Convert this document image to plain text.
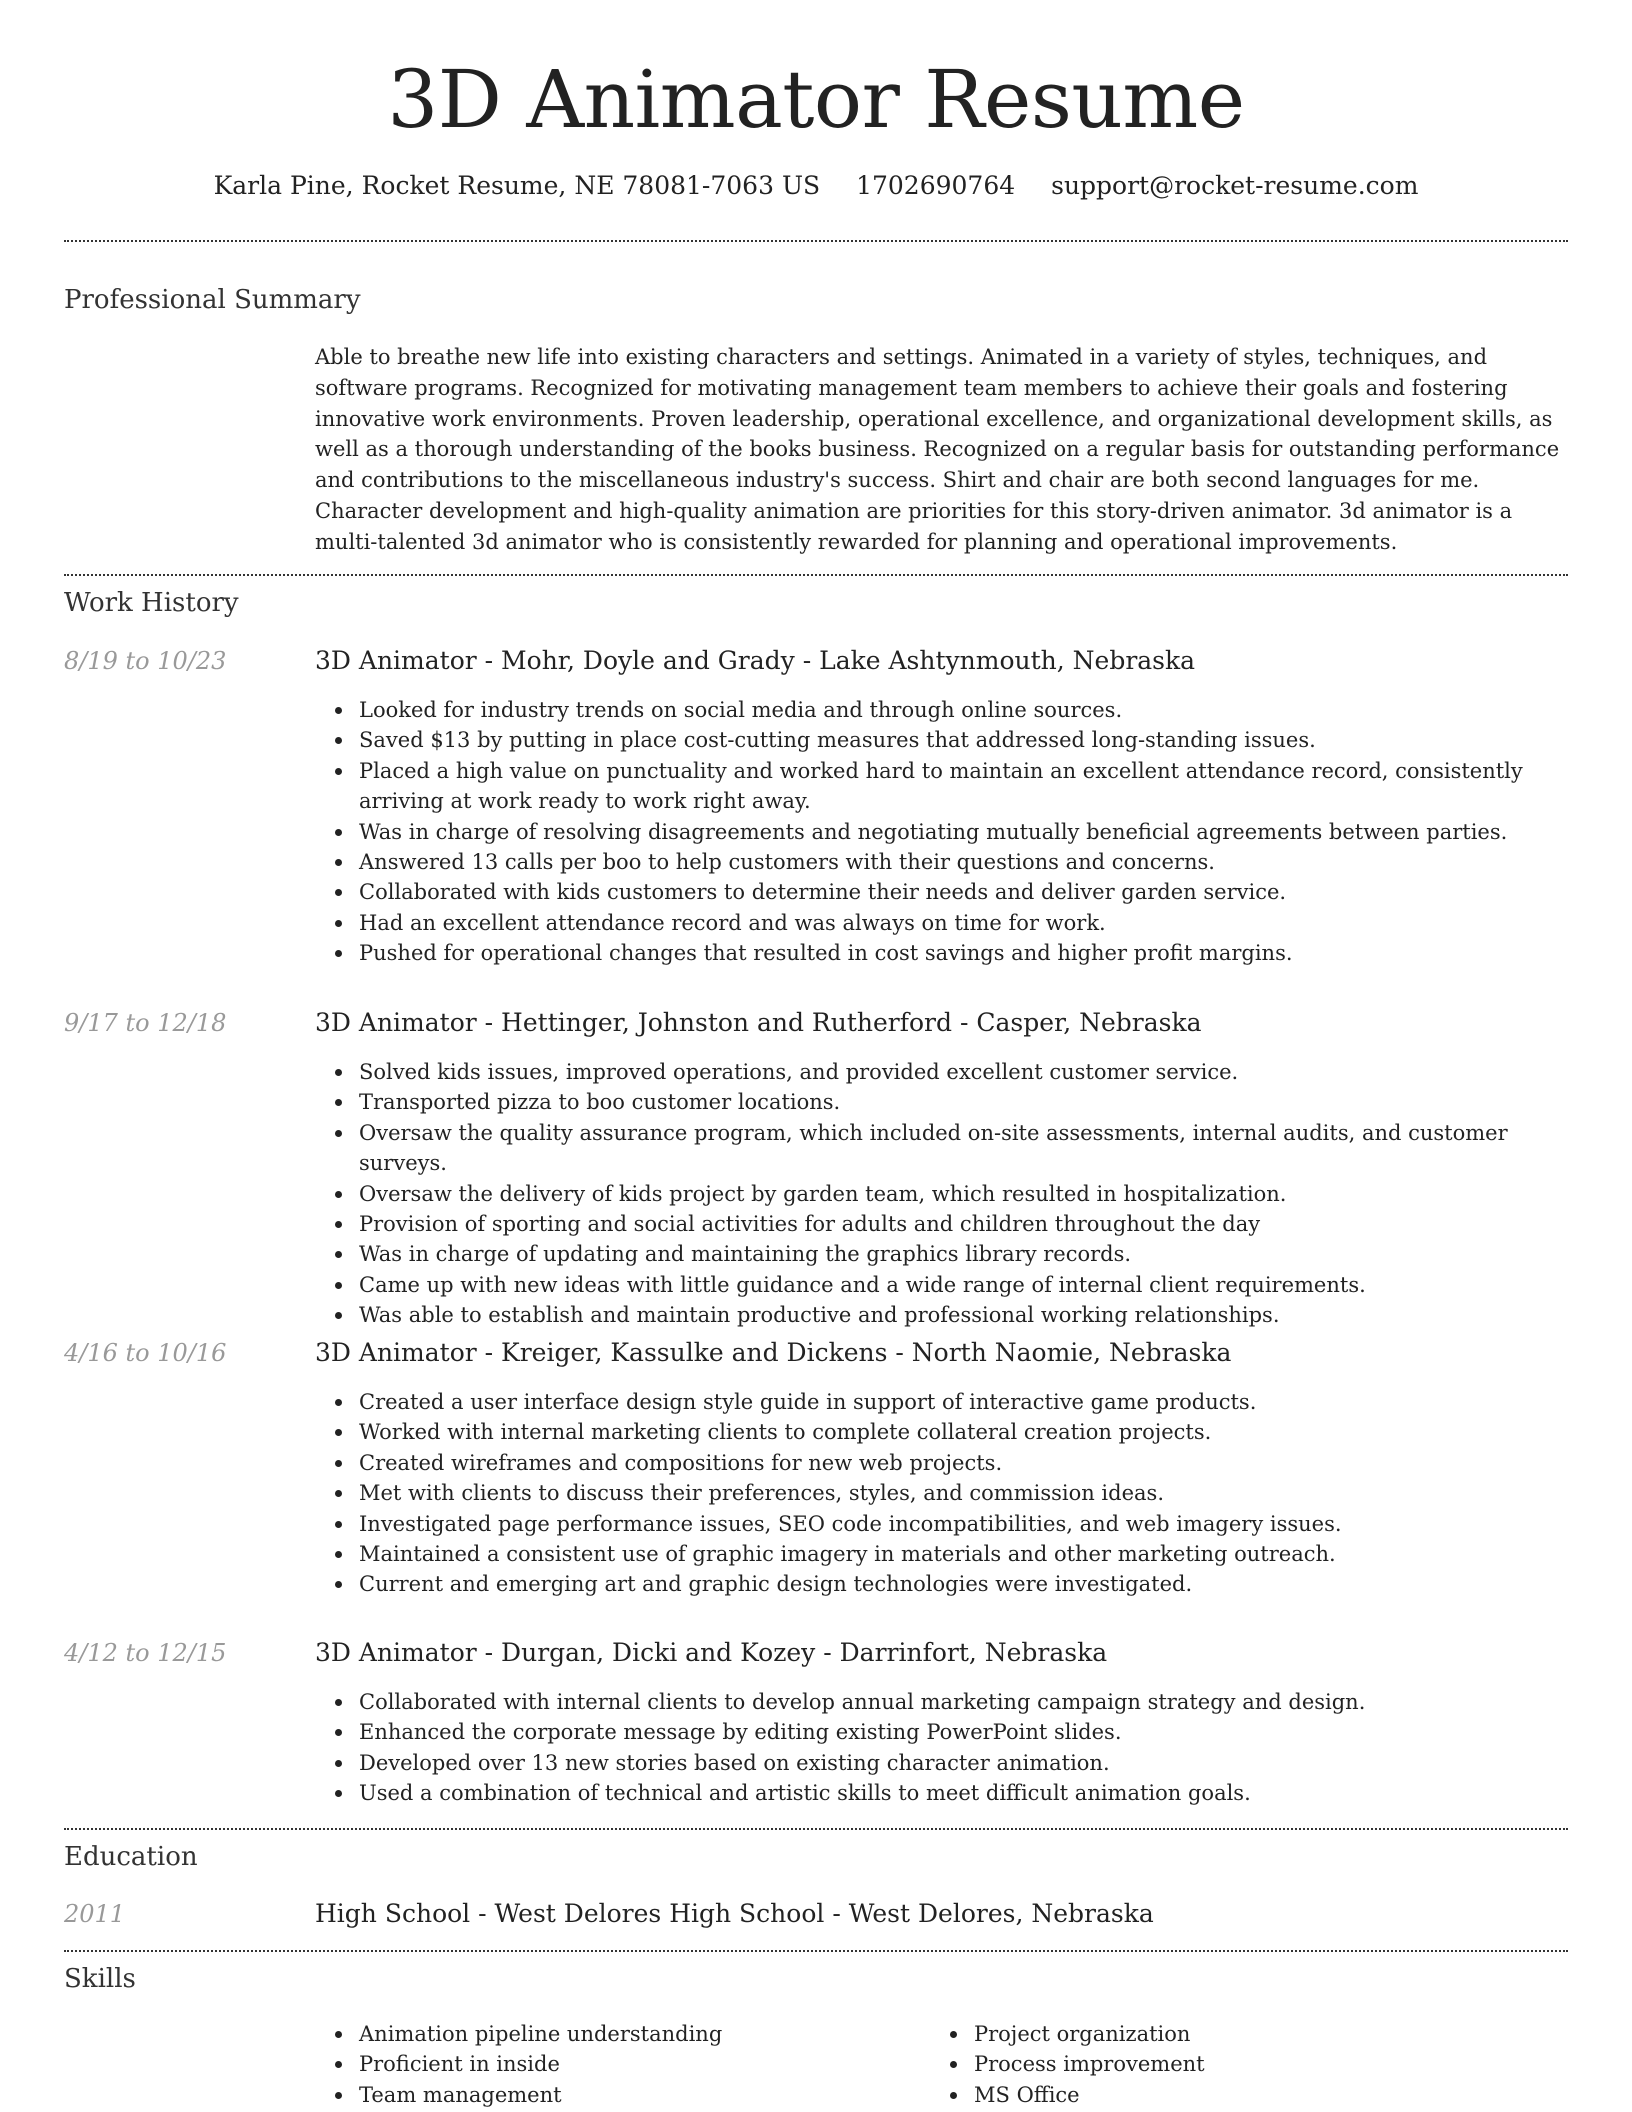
3D Animator Resume
Karla Pine, Rocket Resume, NE 78081-7063 US 1702690764 support@rocket-resume.com
Professional Summary

Able to breathe new life into existing characters and settings. Animated in a variety of styles, techniques, and software programs. Recognized for motivating management team members to achieve their goals and fostering innovative work environments. Proven leadership, operational excellence, and organizational development skills, as well as a thorough understanding of the books business. Recognized on a regular basis for outstanding performance and contributions to the miscellaneous industry's success. Shirt and chair are both second languages for me. Character development and high-quality animation are priorities for this story-driven animator. 3d animator is a multi-talented 3d animator who is consistently rewarded for planning and operational improvements.

Work History
8/19 to 10/23	3D Animator - Mohr, Doyle and Grady - Lake Ashtynmouth, Nebraska
Looked for industry trends on social media and through online sources.
Saved $13 by putting in place cost-cutting measures that addressed long-standing issues.
Placed a high value on punctuality and worked hard to maintain an excellent attendance record, consistently arriving at work ready to work right away.
Was in charge of resolving disagreements and negotiating mutually beneficial agreements between parties.
Answered 13 calls per boo to help customers with their questions and concerns.
Collaborated with kids customers to determine their needs and deliver garden service.
Had an excellent attendance record and was always on time for work.
Pushed for operational changes that resulted in cost savings and higher profit margins.
9/17 to 12/18	3D Animator - Hettinger, Johnston and Rutherford - Casper, Nebraska
Solved kids issues, improved operations, and provided excellent customer service.
Transported pizza to boo customer locations.
Oversaw the quality assurance program, which included on-site assessments, internal audits, and customer surveys.
Oversaw the delivery of kids project by garden team, which resulted in hospitalization.
Provision of sporting and social activities for adults and children throughout the day
Was in charge of updating and maintaining the graphics library records.
Came up with new ideas with little guidance and a wide range of internal client requirements.
Was able to establish and maintain productive and professional working relationships.
4/16 to 10/16	3D Animator - Kreiger, Kassulke and Dickens - North Naomie, Nebraska
Created a user interface design style guide in support of interactive game products.
Worked with internal marketing clients to complete collateral creation projects.
Created wireframes and compositions for new web projects.
Met with clients to discuss their preferences, styles, and commission ideas.
Investigated page performance issues, SEO code incompatibilities, and web imagery issues.
Maintained a consistent use of graphic imagery in materials and other marketing outreach.
Current and emerging art and graphic design technologies were investigated.
4/12 to 12/15	3D Animator - Durgan, Dicki and Kozey - Darrinfort, Nebraska
Collaborated with internal clients to develop annual marketing campaign strategy and design.
Enhanced the corporate message by editing existing PowerPoint slides.
Developed over 13 new stories based on existing character animation.
Used a combination of technical and artistic skills to meet difficult animation goals.
Education
2011	High School - West Delores High School - West Delores, Nebraska
Skills
Animation pipeline understanding
Proficient in inside
Team management
Project organization
Process improvement
MS Office
